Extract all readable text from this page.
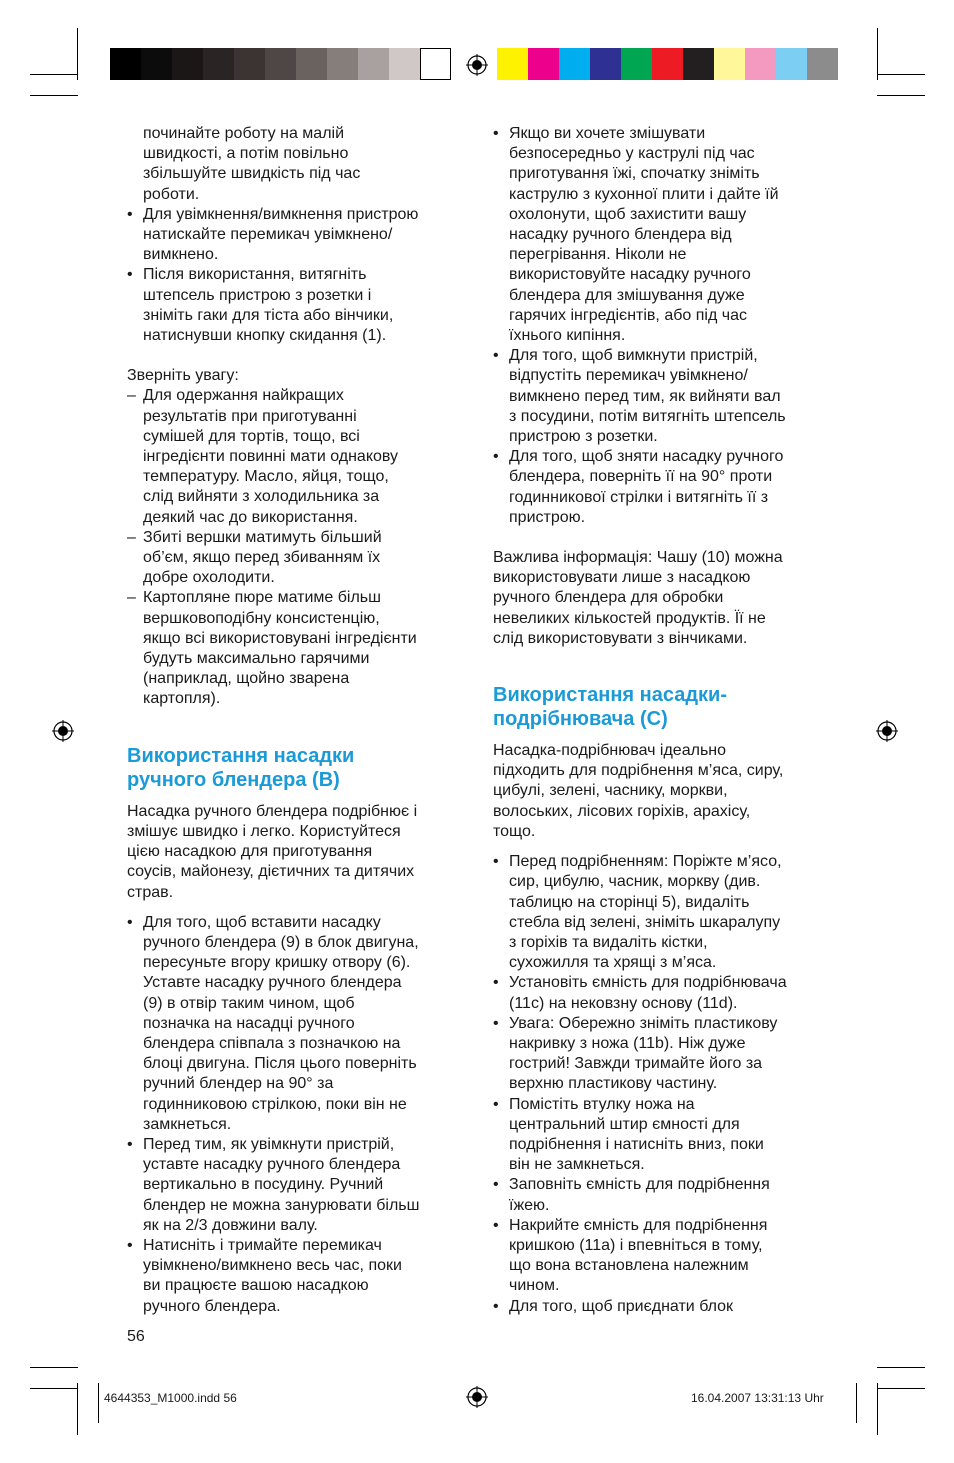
починайте роботу на малій
швидкості, а потім повільно
збільшуйте швидкість під час
роботи.
• Для увімкнення/вимкнення пристрою
натискайте перемикач увімкнено/
вимкнено.
• Після використання, витягніть
штепсель пристрою з розетки і
зніміть гаки для тіста або вінчики,
натиснувши кнопку скидання (1).
Зверніть увагу:
– Для одержання найкращих
результатів при приготуванні
сумішей для тортів, тощо, всі
інгредієнти повинні мати однакову
температуру. Масло, яйця, тощо,
слід вийняти з холодильника за
деякий час до використання.
– Збиті вершки матимуть більший
об’єм, якщо перед збиванням їх
добре охолодити.
– Картопляне пюре матиме більш
вершковоподібну консистенцію,
якщо всі використовувані інгредієнти
будуть максимально гарячими
(наприклад, щойно зварена
картопля).
Використання насадки
ручного блендера (B)
Насадка ручного блендера подрібнює і
змішує швидко і легко. Користуйтеся
цією насадкою для приготування
соусів, майонезу, дієтичних та дитячих
страв.
• Для того, щоб вставити насадку
ручного блендера (9) в блок двигуна,
пересуньте вгору кришку отвору (6).
Уставте насадку ручного блендера
(9) в отвір таким чином, щоб
позначка на насадці ручного
блендера співпала з позначкою на
блоці двигуна. Після цього поверніть
ручний блендер на 90° за
годинниковою стрілкою, поки він не
замкнеться.
• Перед тим, як увімкнути пристрій,
уставте насадку ручного блендера
вертикально в посудину. Ручний
блендер не можна занурювати більш
як на 2/3 довжини валу.
• Натисніть і тримайте перемикач
увімкнено/вимкнено весь час, поки
ви працюєте вашою насадкою
ручного блендера.
• Якщо ви хочете змішувати
безпосередньо у каструлі під час
приготування їжі, спочатку зніміть
каструлю з кухонної плити і дайте їй
охолонути, щоб захистити вашу
насадку ручного блендера від
перегрівання. Ніколи не
використовуйте насадку ручного
блендера для змішування дуже
гарячих інгредієнтів, або під час
їхнього кипіння.
• Для того, щоб вимкнути пристрій,
відпустіть перемикач увімкнено/
вимкнено перед тим, як вийняти вал
з посудини, потім витягніть штепсель
пристрою з розетки.
• Для того, щоб зняти насадку ручного
блендера, поверніть її на 90° проти
годинникової стрілки і витягніть її з
пристрою.
Важлива інформація: Чашу (10) можна
використовувати лише з насадкою
ручного блендера для обробки
невеликих кількостей продуктів. Її не
слід використовувати з вінчиками.
Використання насадки-
подрібнювача (C)
Насадка-подрібнювач ідеально
підходить для подрібнення м’яса, сиру,
цибулі, зелені, часнику, моркви,
волоських, лісових горіхів, арахісу,
тощо.
• Перед подрібненням: Поріжте м’ясо,
сир, цибулю, часник, моркву (див.
таблицю на сторінці 5), видаліть
стебла від зелені, зніміть шкаралупу
з горіхів та видаліть кістки,
сухожилля та хрящі з м’яса.
• Установіть ємність для подрібнювача
(11c) на нековзну основу (11d).
• Увага: Обережно зніміть пластикову
накривку з ножа (11b). Ніж дуже
гострий! Завжди тримайте його за
верхню пластикову частину.
• Помістіть втулку ножа на
центральний штир ємності для
подрібнення і натисніть вниз, поки
він не замкнеться.
• Заповніть ємність для подрібнення
їжею.
• Накрийте ємність для подрібнення
кришкою (11a) і впевніться в тому,
що вона встановлена належним
чином.
• Для того, щоб приєднати блок
56
4644353_M1000.indd 56	16.04.2007 13:31:13 Uhr
